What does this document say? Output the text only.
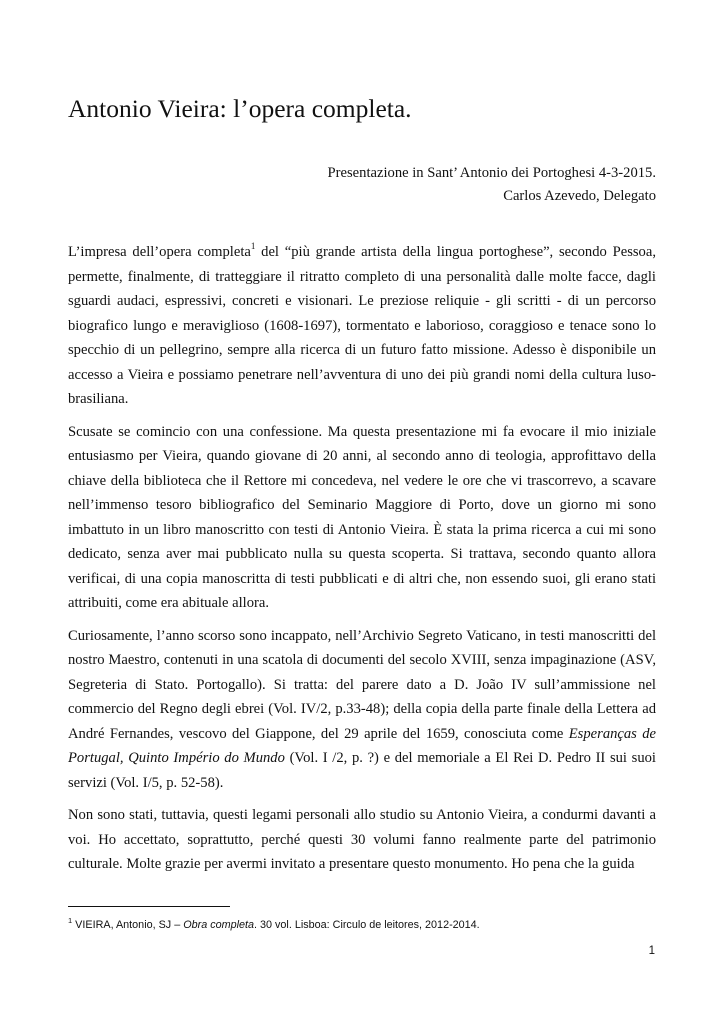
Antonio Vieira: l’opera completa.
Presentazione in Sant’ Antonio dei Portoghesi 4-3-2015.
Carlos Azevedo, Delegato

L’impresa dell’opera completa$^1$ del “più grande artista della lingua portoghese”, secondo Pessoa, permette, finalmente, di tratteggiare il ritratto completo di una personalità dalle molte facce, dagli sguardi audaci, espressivi, concreti e visionari. Le preziose reliquie - gli scritti - di un percorso biografico lungo e meraviglioso (1608-1697), tormentato e laborioso, coraggioso e tenace sono lo specchio di un pellegrino, sempre alla ricerca di un futuro fatto missione. Adesso è disponibile un accesso a Vieira e possiamo penetrare nell’avventura di uno dei più grandi nomi della cultura luso-brasiliana.

Scusate se comincio con una confessione. Ma questa presentazione mi fa evocare il mio iniziale entusiasmo per Vieira, quando giovane di 20 anni, al secondo anno di teologia, approfittavo della chiave della biblioteca che il Rettore mi concedeva, nel vedere le ore che vi trascorrevo, a scavare nell’immenso tesoro bibliografico del Seminario Maggiore di Porto, dove un giorno mi sono imbattuto in un libro manoscritto con testi di Antonio Vieira. È stata la prima ricerca a cui mi sono dedicato, senza aver mai pubblicato nulla su questa scoperta. Si trattava, secondo quanto allora verificai, di una copia manoscritta di testi pubblicati e di altri che, non essendo suoi, gli erano stati attribuiti, come era abituale allora.

Curiosamente, l’anno scorso sono incappato, nell’Archivio Segreto Vaticano, in testi manoscritti del nostro Maestro, contenuti in una scatola di documenti del secolo XVIII, senza impaginazione (ASV, Segreteria di Stato. Portogallo). Si tratta: del parere dato a D. João IV sull’ammissione nel commercio del Regno degli ebrei (Vol. IV/2, p.33-48); della copia della parte finale della Lettera ad André Fernandes, vescovo del Giappone, del 29 aprile del 1659, conosciuta come Esperanças de Portugal, Quinto Império do Mundo (Vol. I /2, p. ?) e del memoriale a El Rei D. Pedro II sui suoi servizi (Vol. I/5, p. 52-58).

Non sono stati, tuttavia, questi legami personali allo studio su Antonio Vieira, a condurmi davanti a voi. Ho accettato, soprattutto, perché questi 30 volumi fanno realmente parte del patrimonio culturale. Molte grazie per avermi invitato a presentare questo monumento. Ho pena che la guida

$^1$ VIEIRA, Antonio, SJ – Obra completa. 30 vol. Lisboa: Circulo de leitores, 2012-2014.
1
